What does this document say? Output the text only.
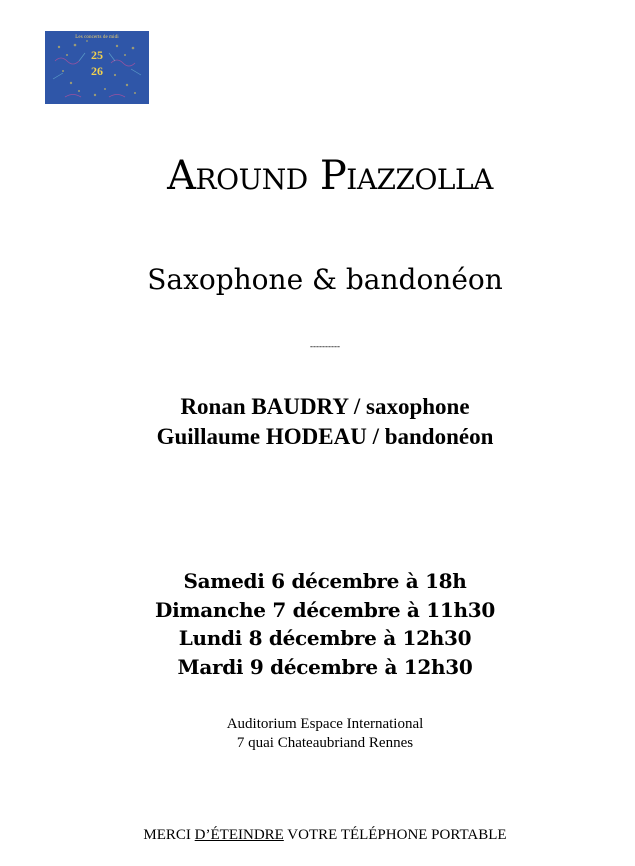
Les concerts de midi
25
26
Around Piazzolla
Saxophone & bandonéon
----------
Ronan BAUDRY / saxophone
Guillaume HODEAU / bandonéon
Samedi 6 décembre à 18h
Dimanche 7 décembre à 11h30
Lundi 8 décembre à 12h30
Mardi 9 décembre à 12h30
Auditorium Espace International
7 quai Chateaubriand Rennes
MERCI D’ÉTEINDRE VOTRE TÉLÉPHONE PORTABLE
